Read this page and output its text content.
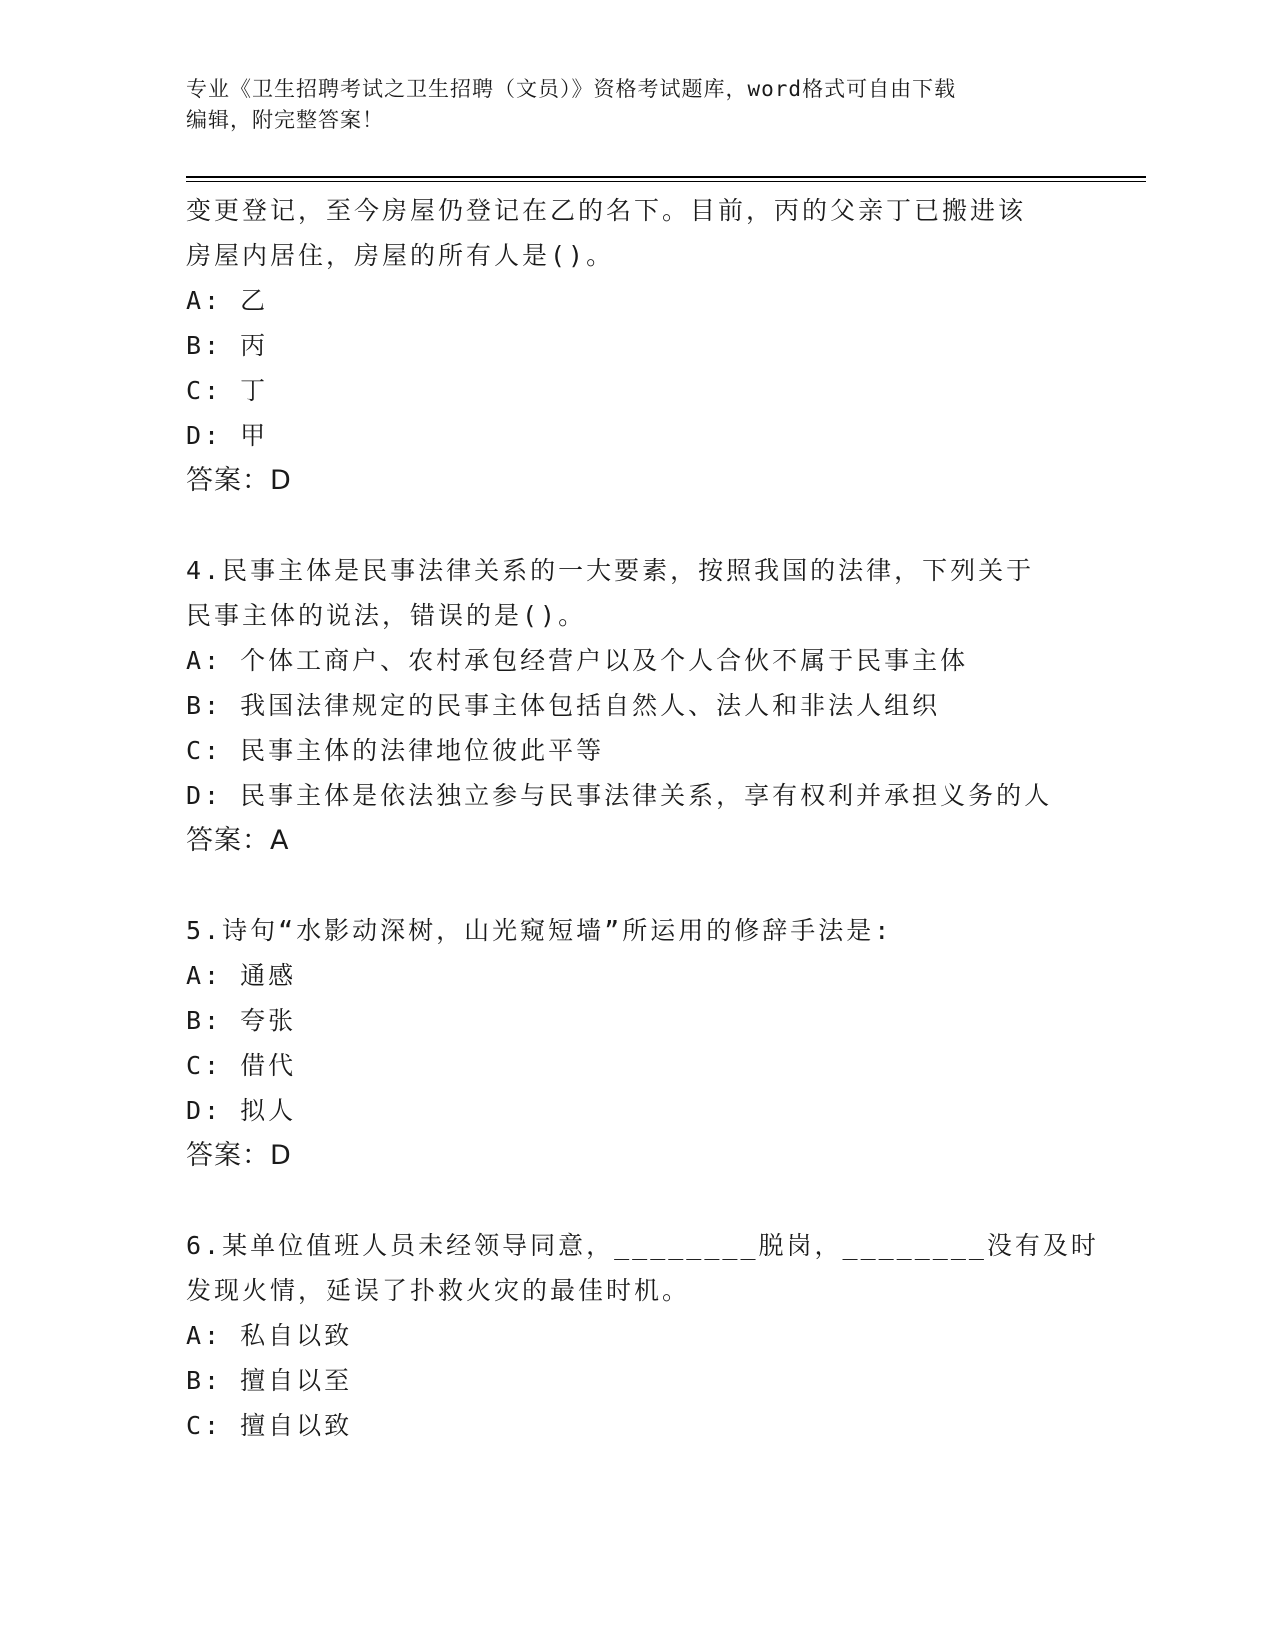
专业《卫生招聘考试之卫生招聘（文员）》资格考试题库，word格式可自由下载
编辑，附完整答案！
变更登记，至今房屋仍登记在乙的名下。目前，丙的父亲丁已搬进该
房屋内居住，房屋的所有人是()。
A: 乙
B: 丙
C: 丁
D: 甲
答案：D
4.民事主体是民事法律关系的一大要素，按照我国的法律，下列关于
民事主体的说法，错误的是()。
A: 个体工商户、农村承包经营户以及个人合伙不属于民事主体
B: 我国法律规定的民事主体包括自然人、法人和非法人组织
C: 民事主体的法律地位彼此平等
D: 民事主体是依法独立参与民事法律关系，享有权利并承担义务的人
答案：A
5.诗句“水影动深树，山光窥短墙”所运用的修辞手法是:
A: 通感
B: 夸张
C: 借代
D: 拟人
答案：D
6.某单位值班人员未经领导同意，________脱岗，________没有及时
发现火情，延误了扑救火灾的最佳时机。
A: 私自以致
B: 擅自以至
C: 擅自以致
